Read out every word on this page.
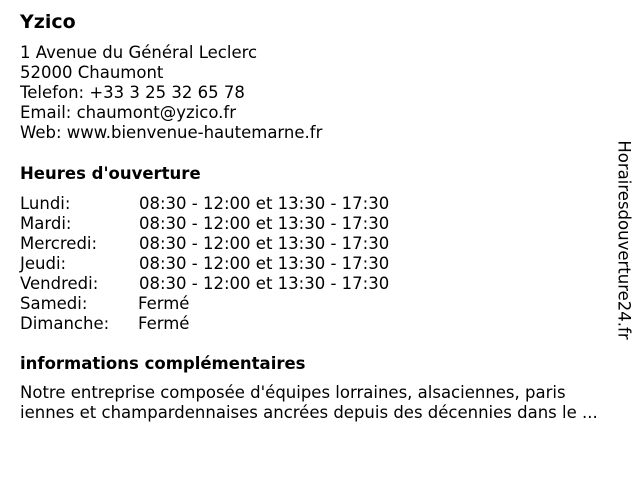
Yzico
1 Avenue du Général Leclerc
52000 Chaumont
Telefon: +33 3 25 32 65 78
Email: chaumont@yzico.fr
Web: www.bienvenue-hautemarne.fr
Heures d'ouverture
Lundi:	08:30 - 12:00 et 13:30 - 17:30
Mardi:	08:30 - 12:00 et 13:30 - 17:30
Mercredi:	08:30 - 12:00 et 13:30 - 17:30
Jeudi:	08:30 - 12:00 et 13:30 - 17:30
Vendredi: 08:30 - 12:00 et 13:30 - 17:30
Samedi:	Fermé
Dimanche: Fermé
informations complémentaires
Notre entreprise composée d'équipes lorraines, alsaciennes, paris
iennes et champardennaises ancrées depuis des décennies dans le ...
Horairesdouverture24.fr
